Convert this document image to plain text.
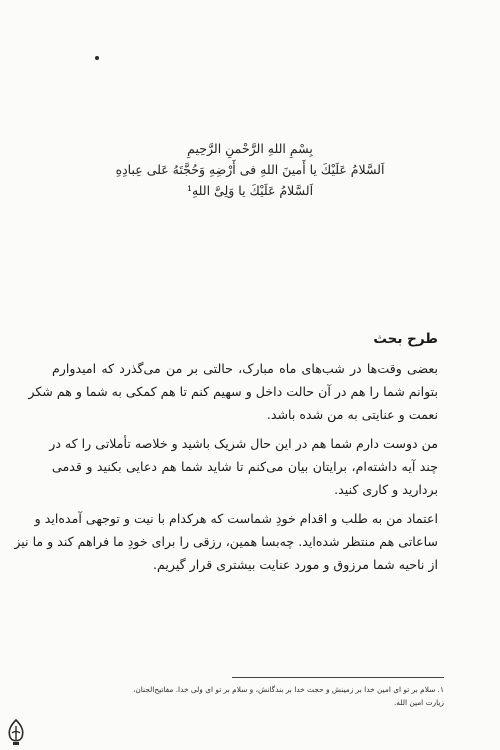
بِسْمِ اللهِ الرَّحْمنِ الرَّحِيمِ
اَلسَّلامُ عَلَيْكَ يا أَمينَ اللهِ فى أَرْضِهِ وَحُجَّتَهُ عَلى عِبادِهِ
اَلسَّلامُ عَلَيْكَ يا وَلِىَّ اللهِ¹
طرح بحث
بعضی وقت‌ها در شب‌های ماه مبارک، حالتی بر من می‌گذرد که امیدوارم
بتوانم شما را هم در آن حالت داخل و سهیم کنم تا هم کمکی به شما و هم شکر
نعمت و عنایتی به من شده باشد.
من دوست دارم شما هم در این حال شریک باشید و خلاصه تأملاتی را که در
چند آیه داشته‌ام، برایتان بیان می‌کنم تا شاید شما هم دعایی بکنید و قدمی
بردارید و کاری کنید.
اعتماد من به طلب و اقدام خودِ شماست که هرکدام با نیت و توجهی آمده‌اید و
ساعاتی هم منتظر شده‌اید. چه‌بسا همین، رزقی را برای خودِ ما فراهم کند و ما نیز
از ناحیه شما مرزوق و مورد عنایت بیشتری قرار گیریم.
۱. سلام بر تو ای امین خدا بر زمینش و حجت خدا بر بندگانش، و سلام بر تو ای ولی خدا. مفاتیح‌الجنان،
زیارت امین الله.
